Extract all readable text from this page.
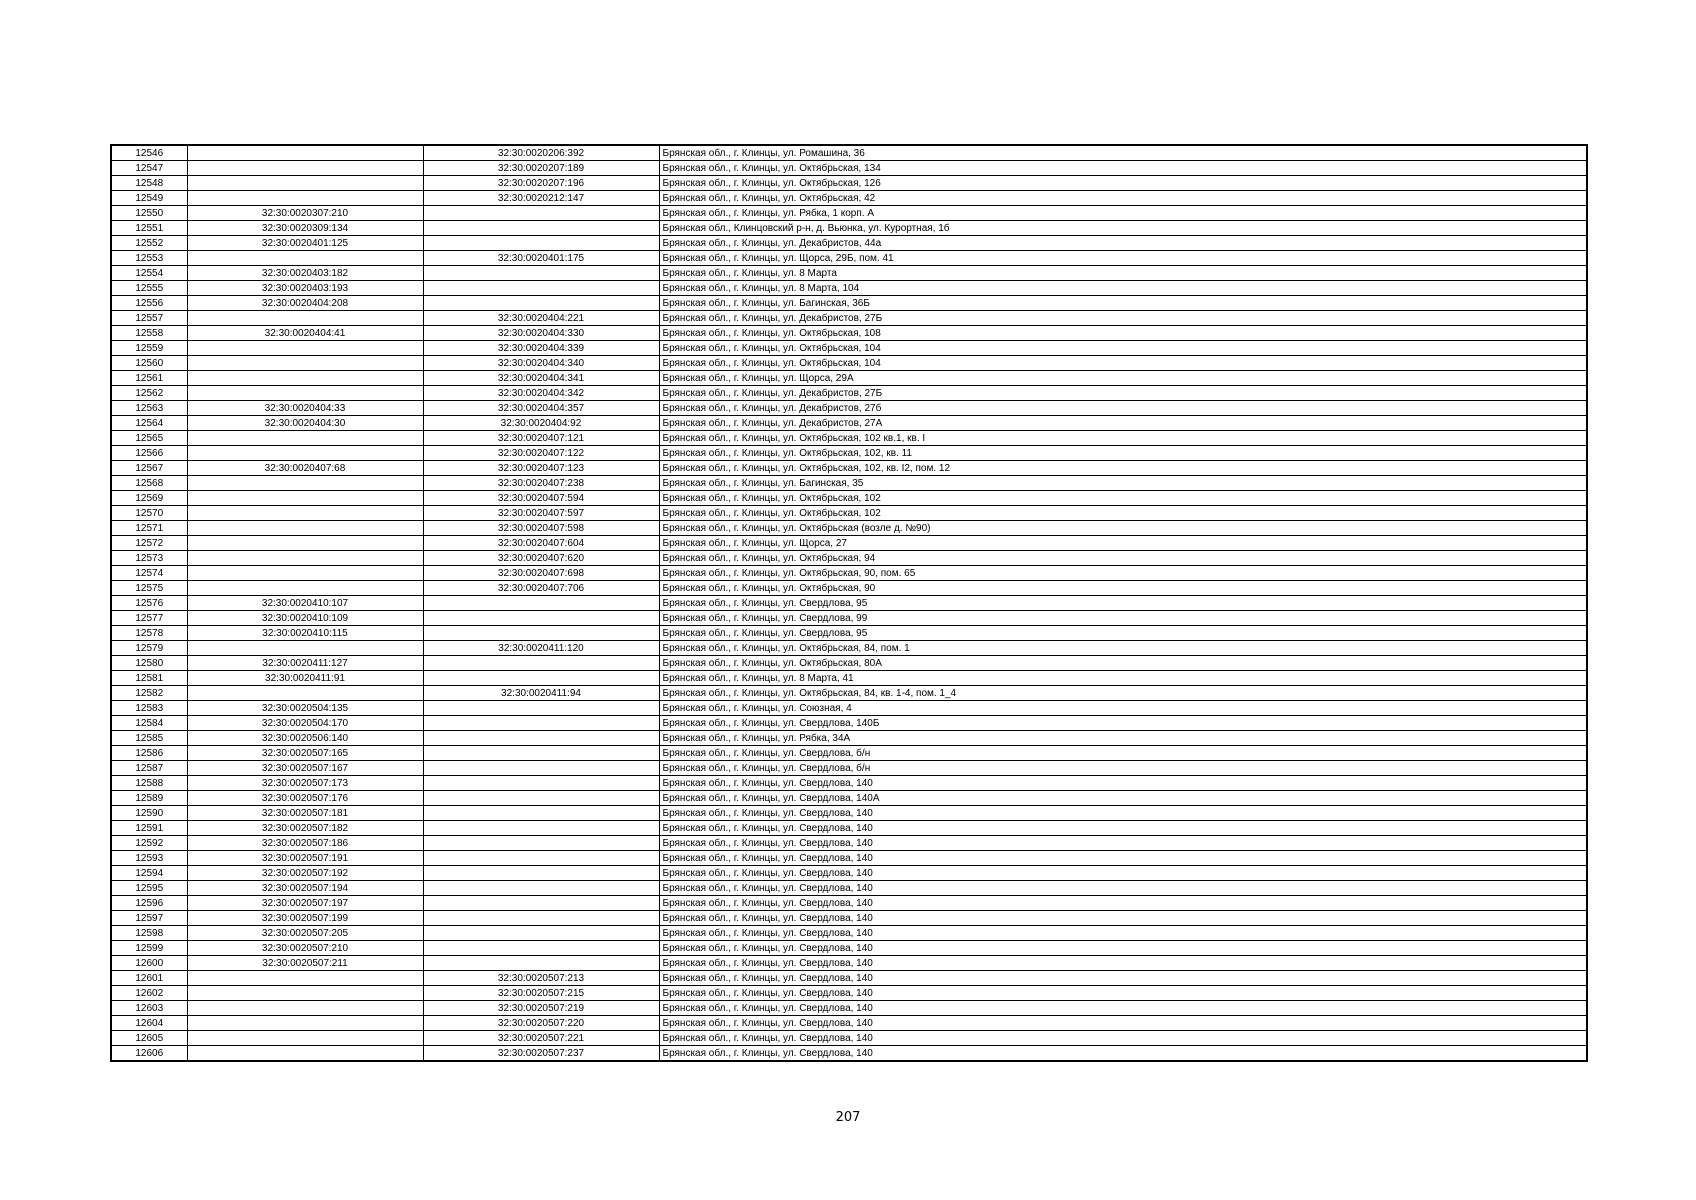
12546		32:30:0020206:392	Брянская обл., г. Клинцы, ул. Ромашина, 36
12547		32:30:0020207:189	Брянская обл., г. Клинцы, ул. Октябрьская, 134
12548		32:30:0020207:196	Брянская обл., г. Клинцы, ул. Октябрьская, 126
12549		32:30:0020212:147	Брянская обл., г. Клинцы, ул. Октябрьская, 42
12550	32:30:0020307:210		Брянская обл., г. Клинцы, ул. Рябка, 1 корп. А
12551	32:30:0020309:134		Брянская обл., Клинцовский р-н, д. Вьюнка, ул. Курортная, 1б
12552	32:30:0020401:125		Брянская обл., г. Клинцы, ул. Декабристов, 44а
12553		32:30:0020401:175	Брянская обл., г. Клинцы, ул. Щорса, 29Б, пом. 41
12554	32:30:0020403:182		Брянская обл., г. Клинцы, ул. 8 Марта
12555	32:30:0020403:193		Брянская обл., г. Клинцы, ул. 8 Марта, 104
12556	32:30:0020404:208		Брянская обл., г. Клинцы, ул. Багинская, 36Б
12557		32:30:0020404:221	Брянская обл., г. Клинцы, ул. Декабристов, 27Б
12558	32:30:0020404:41	32:30:0020404:330	Брянская обл., г. Клинцы, ул. Октябрьская, 108
12559		32:30:0020404:339	Брянская обл., г. Клинцы, ул. Октябрьская, 104
12560		32:30:0020404:340	Брянская обл., г. Клинцы, ул. Октябрьская, 104
12561		32:30:0020404:341	Брянская обл., г. Клинцы, ул. Щорса, 29А
12562		32:30:0020404:342	Брянская обл., г. Клинцы, ул. Декабристов, 27Б
12563	32:30:0020404:33	32:30:0020404:357	Брянская обл., г. Клинцы, ул. Декабристов, 27б
12564	32:30:0020404:30	32:30:0020404:92	Брянская обл., г. Клинцы, ул. Декабристов, 27А
12565		32:30:0020407:121	Брянская обл., г. Клинцы, ул. Октябрьская, 102 кв.1, кв. I
12566		32:30:0020407:122	Брянская обл., г. Клинцы, ул. Октябрьская, 102, кв. 11
12567	32:30:0020407:68	32:30:0020407:123	Брянская обл., г. Клинцы, ул. Октябрьская, 102, кв. I2, пом. 12
12568		32:30:0020407:238	Брянская обл., г. Клинцы, ул. Багинская, 35
12569		32:30:0020407:594	Брянская обл., г. Клинцы, ул. Октябрьская, 102
12570		32:30:0020407:597	Брянская обл., г. Клинцы, ул. Октябрьская, 102
12571		32:30:0020407:598	Брянская обл., г. Клинцы, ул. Октябрьская (возле д. №90)
12572		32:30:0020407:604	Брянская обл., г. Клинцы, ул. Щорса, 27
12573		32:30:0020407:620	Брянская обл., г. Клинцы, ул. Октябрьская, 94
12574		32:30:0020407:698	Брянская обл., г. Клинцы, ул. Октябрьская, 90, пом. 65
12575		32:30:0020407:706	Брянская обл., г. Клинцы, ул. Октябрьская, 90
12576	32:30:0020410:107		Брянская обл., г. Клинцы, ул. Свердлова, 95
12577	32:30:0020410:109		Брянская обл., г. Клинцы, ул. Свердлова, 99
12578	32:30:0020410:115		Брянская обл., г. Клинцы, ул. Свердлова, 95
12579		32:30:0020411:120	Брянская обл., г. Клинцы, ул. Октябрьская, 84, пом. 1
12580	32:30:0020411:127		Брянская обл., г. Клинцы, ул. Октябрьская, 80А
12581	32:30:0020411:91		Брянская обл., г. Клинцы, ул. 8 Марта, 41
12582		32:30:0020411:94	Брянская обл., г. Клинцы, ул. Октябрьская, 84, кв. 1-4, пом. 1_4
12583	32:30:0020504:135		Брянская обл., г. Клинцы, ул. Союзная, 4
12584	32:30:0020504:170		Брянская обл., г. Клинцы, ул. Свердлова, 140Б
12585	32:30:0020506:140		Брянская обл., г. Клинцы, ул. Рябка, 34А
12586	32:30:0020507:165		Брянская обл., г. Клинцы, ул. Свердлова, б/н
12587	32:30:0020507:167		Брянская обл., г. Клинцы, ул. Свердлова, б/н
12588	32:30:0020507:173		Брянская обл., г. Клинцы, ул. Свердлова, 140
12589	32:30:0020507:176		Брянская обл., г. Клинцы, ул. Свердлова, 140А
12590	32:30:0020507:181		Брянская обл., г. Клинцы, ул. Свердлова, 140
12591	32:30:0020507:182		Брянская обл., г. Клинцы, ул. Свердлова, 140
12592	32:30:0020507:186		Брянская обл., г. Клинцы, ул. Свердлова, 140
12593	32:30:0020507:191		Брянская обл., г. Клинцы, ул. Свердлова, 140
12594	32:30:0020507:192		Брянская обл., г. Клинцы, ул. Свердлова, 140
12595	32:30:0020507:194		Брянская обл., г. Клинцы, ул. Свердлова, 140
12596	32:30:0020507:197		Брянская обл., г. Клинцы, ул. Свердлова, 140
12597	32:30:0020507:199		Брянская обл., г. Клинцы, ул. Свердлова, 140
12598	32:30:0020507:205		Брянская обл., г. Клинцы, ул. Свердлова, 140
12599	32:30:0020507:210		Брянская обл., г. Клинцы, ул. Свердлова, 140
12600	32:30:0020507:211		Брянская обл., г. Клинцы, ул. Свердлова, 140
12601		32:30:0020507:213	Брянская обл., г. Клинцы, ул. Свердлова, 140
12602		32:30:0020507:215	Брянская обл., г. Клинцы, ул. Свердлова, 140
12603		32:30:0020507:219	Брянская обл., г. Клинцы, ул. Свердлова, 140
12604		32:30:0020507:220	Брянская обл., г. Клинцы, ул. Свердлова, 140
12605		32:30:0020507:221	Брянская обл., г. Клинцы, ул. Свердлова, 140
12606		32:30:0020507:237	Брянская обл., г. Клинцы, ул. Свердлова, 140
207
